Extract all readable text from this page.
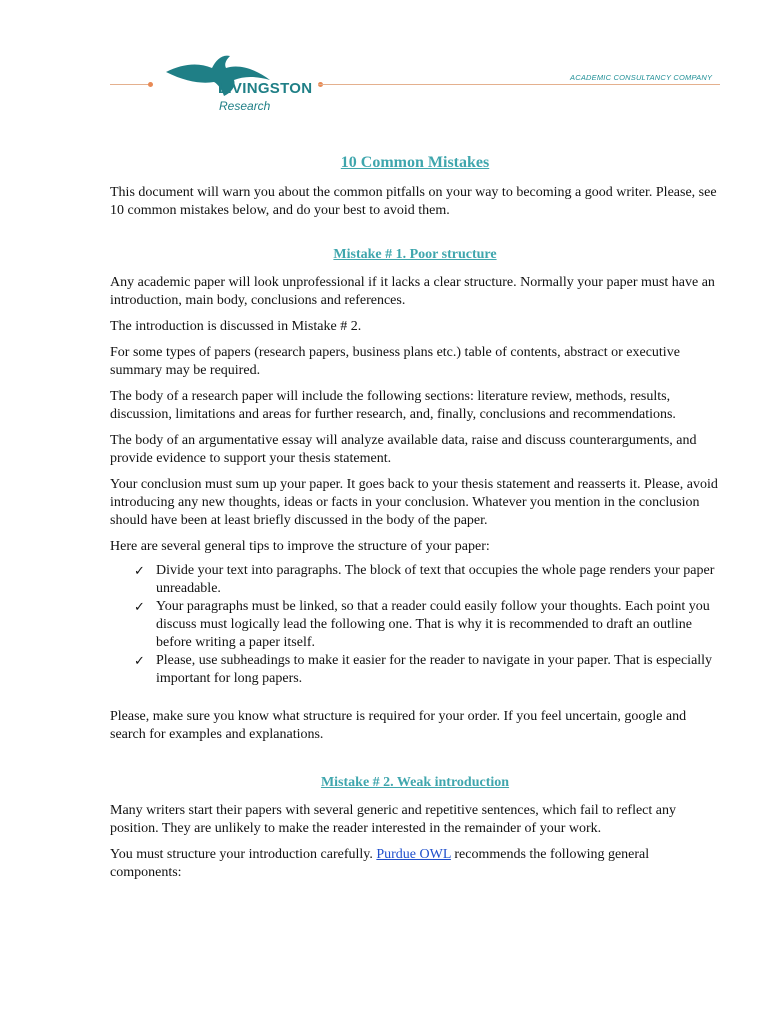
LIVINGSTON
Research
ACADEMIC CONSULTANCY COMPANY

10 Common Mistakes

This document will warn you about the common pitfalls on your way to becoming a good writer. Please, see 10 common mistakes below, and do your best to avoid them.

Mistake # 1. Poor structure

Any academic paper will look unprofessional if it lacks a clear structure. Normally your paper must have an introduction, main body, conclusions and references.

The introduction is discussed in Mistake # 2.

For some types of papers (research papers, business plans etc.) table of contents, abstract or executive summary may be required.

The body of a research paper will include the following sections: literature review, methods, results, discussion, limitations and areas for further research, and, finally, conclusions and recommendations.

The body of an argumentative essay will analyze available data, raise and discuss counterarguments, and provide evidence to support your thesis statement.

Your conclusion must sum up your paper. It goes back to your thesis statement and reasserts it. Please, avoid introducing any new thoughts, ideas or facts in your conclusion. Whatever you mention in the conclusion should have been at least briefly discussed in the body of the paper.

Here are several general tips to improve the structure of your paper:

✓ Divide your text into paragraphs. The block of text that occupies the whole page renders your paper unreadable.
✓ Your paragraphs must be linked, so that a reader could easily follow your thoughts. Each point you discuss must logically lead the following one. That is why it is recommended to draft an outline before writing a paper itself.
✓ Please, use subheadings to make it easier for the reader to navigate in your paper. That is especially important for long papers.

Please, make sure you know what structure is required for your order. If you feel uncertain, google and search for examples and explanations.

Mistake # 2. Weak introduction

Many writers start their papers with several generic and repetitive sentences, which fail to reflect any position. They are unlikely to make the reader interested in the remainder of your work.

You must structure your introduction carefully. Purdue OWL recommends the following general components:
